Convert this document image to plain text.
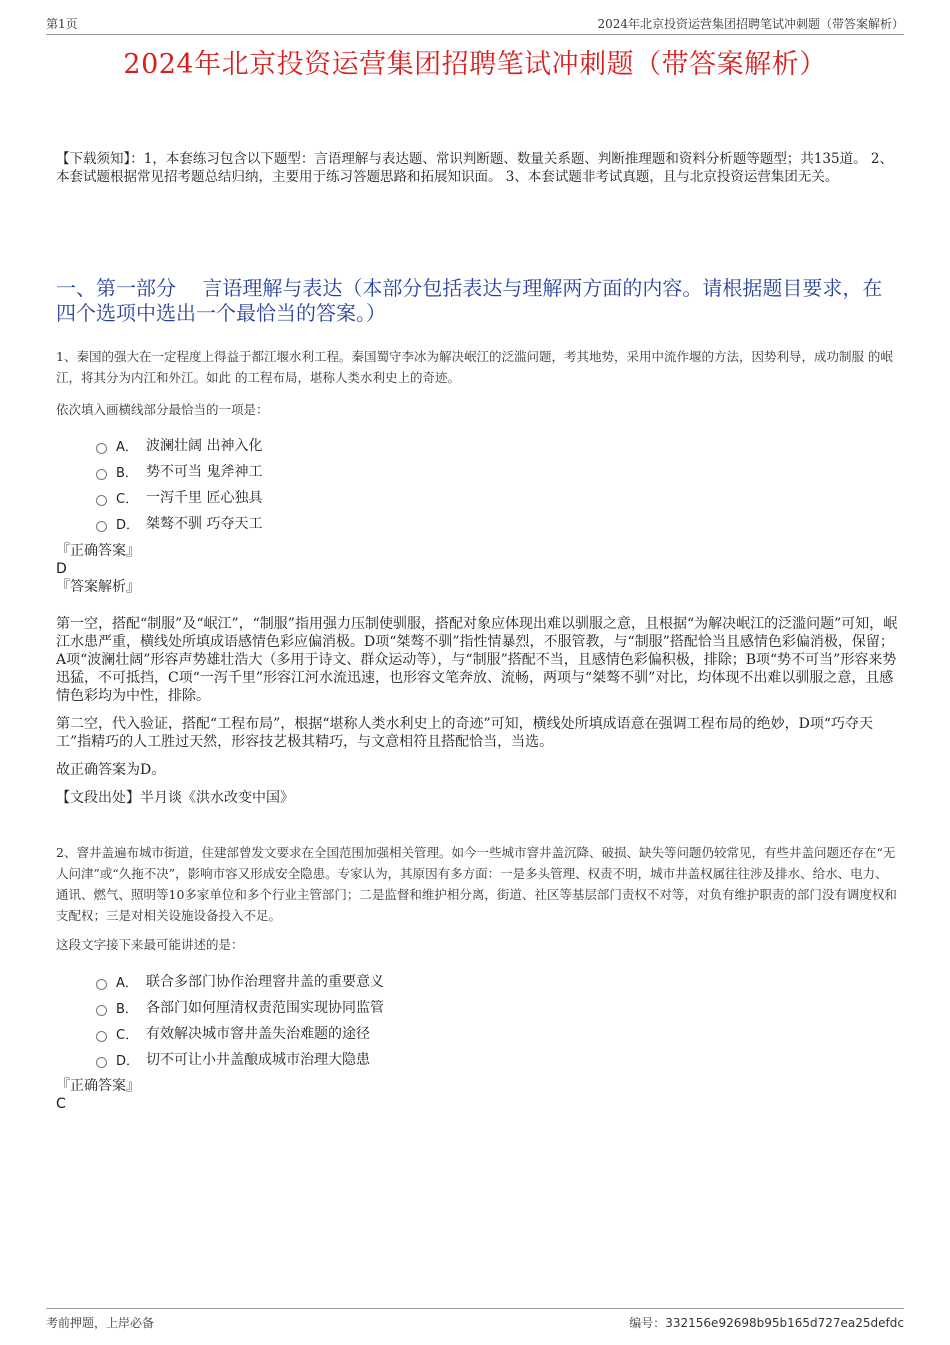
第1页	2024年北京投资运营集团招聘笔试冲刺题（带答案解析）
2024年北京投资运营集团招聘笔试冲刺题（带答案解析）
【下载须知】：1，本套练习包含以下题型：言语理解与表达题、常识判断题、数量关系题、判断推理题和资料分析题等题型；共135道。 2、本套试题根据常见招考题总结归纳，主要用于练习答题思路和拓展知识面。 3、本套试题非考试真题，且与北京投资运营集团无关。
一、第一部分　 言语理解与表达（本部分包括表达与理解两方面的内容。请根据题目要求，在四个选项中选出一个最恰当的答案。）
1、秦国的强大在一定程度上得益于都江堰水利工程。秦国蜀守李冰为解决岷江的泛滥问题，考其地势，采用中流作堰的方法，因势利导，成功制服 的岷江，将其分为内江和外江。如此 的工程布局，堪称人类水利史上的奇迹。
依次填入画横线部分最恰当的一项是：
A． 波澜壮阔 出神入化
B． 势不可当 鬼斧神工
C． 一泻千里 匠心独具
D． 桀骜不驯 巧夺天工
『正确答案』
D
『答案解析』

第一空，搭配“制服”及“岷江”，“制服”指用强力压制使驯服，搭配对象应体现出难以驯服之意，且根据“为解决岷江的泛滥问题”可知，岷江水患严重，横线处所填成语感情色彩应偏消极。D项“桀骜不驯”指性情暴烈，不服管教，与“制服”搭配恰当且感情色彩偏消极，保留；A项“波澜壮阔”形容声势雄壮浩大（多用于诗文、群众运动等），与“制服”搭配不当，且感情色彩偏积极，排除；B项“势不可当”形容来势迅猛，不可抵挡，C项“一泻千里”形容江河水流迅速，也形容文笔奔放、流畅，两项与“桀骜不驯”对比，均体现不出难以驯服之意，且感情色彩均为中性，排除。

第二空，代入验证，搭配“工程布局”，根据“堪称人类水利史上的奇迹”可知，横线处所填成语意在强调工程布局的绝妙，D项“巧夺天工”指精巧的人工胜过天然，形容技艺极其精巧，与文意相符且搭配恰当，当选。

故正确答案为D。

【文段出处】半月谈《洪水改变中国》

2、窨井盖遍布城市街道，住建部曾发文要求在全国范围加强相关管理。如今一些城市窨井盖沉降、破损、缺失等问题仍较常见，有些井盖问题还存在“无人问津”或“久拖不决”，影响市容又形成安全隐患。专家认为，其原因有多方面：一是多头管理、权责不明，城市井盖权属往往涉及排水、给水、电力、通讯、燃气、照明等10多家单位和多个行业主管部门；二是监督和维护相分离，街道、社区等基层部门责权不对等，对负有维护职责的部门没有调度权和支配权；三是对相关设施设备投入不足。
这段文字接下来最可能讲述的是：
A． 联合多部门协作治理窨井盖的重要意义
B． 各部门如何厘清权责范围实现协同监管
C． 有效解决城市窨井盖失治难题的途径
D． 切不可让小井盖酿成城市治理大隐患
『正确答案』
C
考前押题，上岸必备	编号：332156e92698b95b165d727ea25defdc
